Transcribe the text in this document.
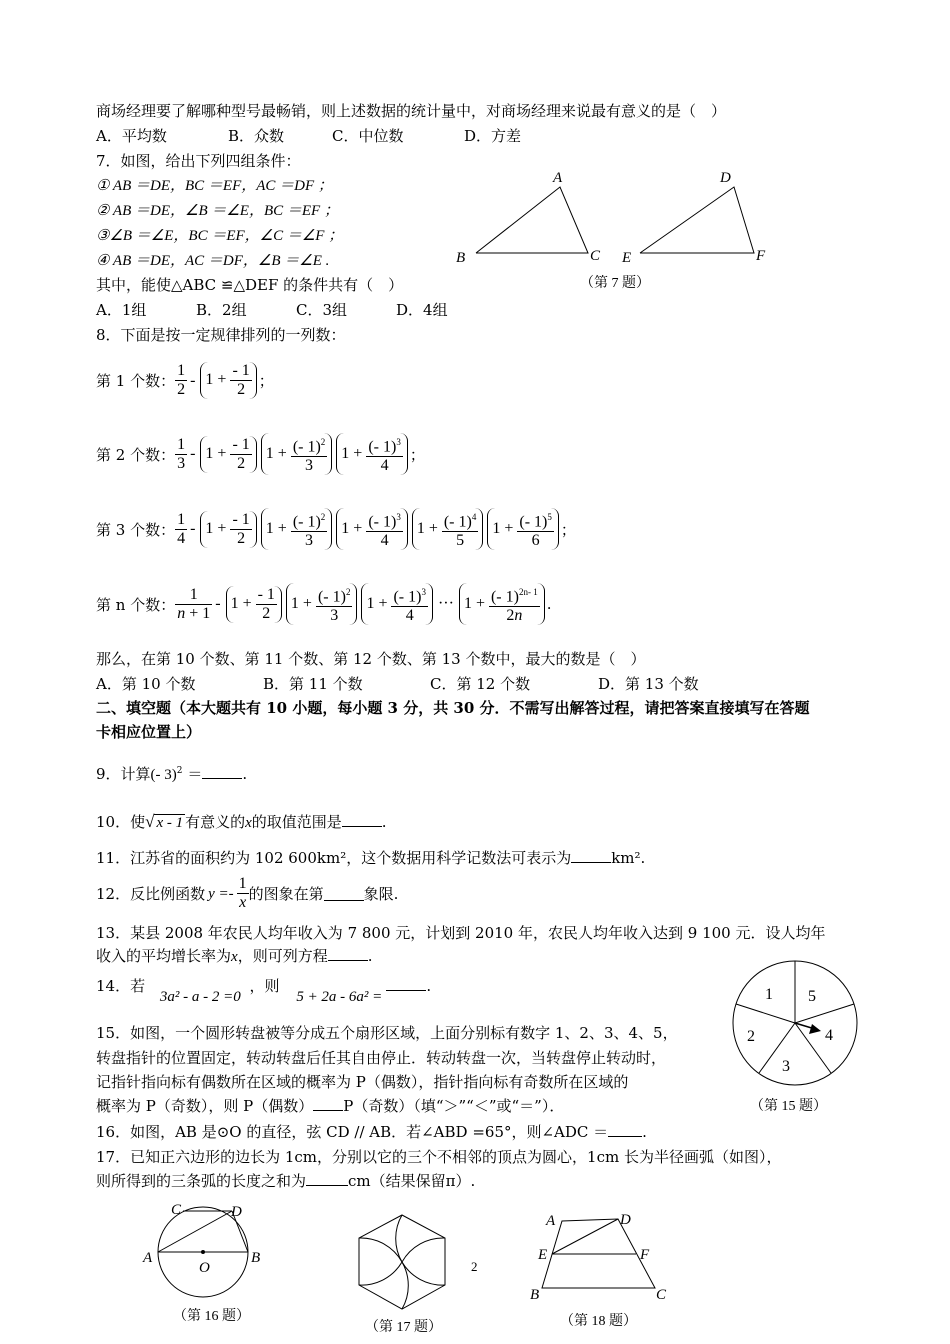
商场经理要了解哪种型号最畅销，则上述数据的统计量中，对商场经理来说最有意义的是（　）
A．平均数	B．众数	C．中位数	D．方差
7．如图，给出下列四组条件：
① AB ＝DE，BC ＝EF，AC ＝DF ；
② AB ＝DE，∠B ＝∠E，BC ＝EF ；
③∠B ＝∠E，BC ＝EF，∠C ＝∠F ；
④ AB ＝DE，AC ＝DF，∠B ＝∠E .
其中，能使△ABC ≌△DEF 的条件共有（　）
A．1组	B．2组	C．3组	D．4组
A
B	C
D
E	F
（第 7 题）
8．下面是按一定规律排列的一列数：
第 1 个数： $\frac{1}{2} - 1 + \frac{- 1}{2}$ ；
第 2 个数： $\frac{1}{3} - 1 + \frac{- 1}{2} 1 + \frac{(- 1)^2}{3} 1 + \frac{(- 1)^3}{4}$ ；
第 3 个数： $\frac{1}{4} - 1 + \frac{- 1}{2} 1 + \frac{(- 1)^2}{3} 1 + \frac{(- 1)^3}{4} 1 + \frac{(- 1)^4}{5} 1 + \frac{(- 1)^5}{6}$ ；
第 n 个数： $\frac{1}{n + 1} - 1 + \frac{- 1}{2} 1 + \frac{(- 1)^2}{3} 1 + \frac{(- 1)^3}{4}$ ··· $1 + \frac{(- 1)^{2n- 1}}{2n}$ .
那么，在第 10 个数、第 11 个数、第 12 个数、第 13 个数中，最大的数是（　）
A．第 10 个数	B．第 11 个数	C．第 12 个数	D．第 13 个数
二、填空题（本大题共有 10 小题，每小题 3 分，共 30 分．不需写出解答过程，请把答案直接填写在答题
卡相应位置上）
9．计算(- 3)$^2$ ＝	.
10．使√ x - 1 有意义的x的取值范围是	.
11．江苏省的面积约为 102 600km²，这个数据用科学记数法可表示为	km².
12．反比例函数 $y =- \frac{1}{x}$ 的图象在第	象限.
13．某县 2008 年农民人均年收入为 7 800 元，计划到 2010 年，农民人均年收入达到 9 100 元．设人均年
收入的平均增长率为x，则可列方程	.
14．若 3a² - a - 2 =0 ，则 5 + 2a - 6a² =.
15．如图，一个圆形转盘被等分成五个扇形区域，上面分别标有数字 1、2、3、4、5，
转盘指针的位置固定，转动转盘后任其自由停止．转动转盘一次，当转盘停止转动时，
记指针指向标有偶数所在区域的概率为 P（偶数），指针指向标有奇数所在区域的
概率为 P（奇数），则 P（偶数） P（奇数）（填“＞”“＜”或“＝”）．
1 5
4
3
2
（第 15 题）
16．如图，AB 是⊙O 的直径，弦 CD // AB．若∠ABD =65°，则∠ADC ＝ .
17．已知正六边形的边长为 1cm，分别以它的三个不相邻的顶点为圆心，1cm 长为半径画弧（如图），
则所得到的三条弧的长度之和为	cm（结果保留π）.
C	D
A	B
O
（第 16 题）
（第 17 题）
2
A	D
E	F
B	C
（第 18 题）
